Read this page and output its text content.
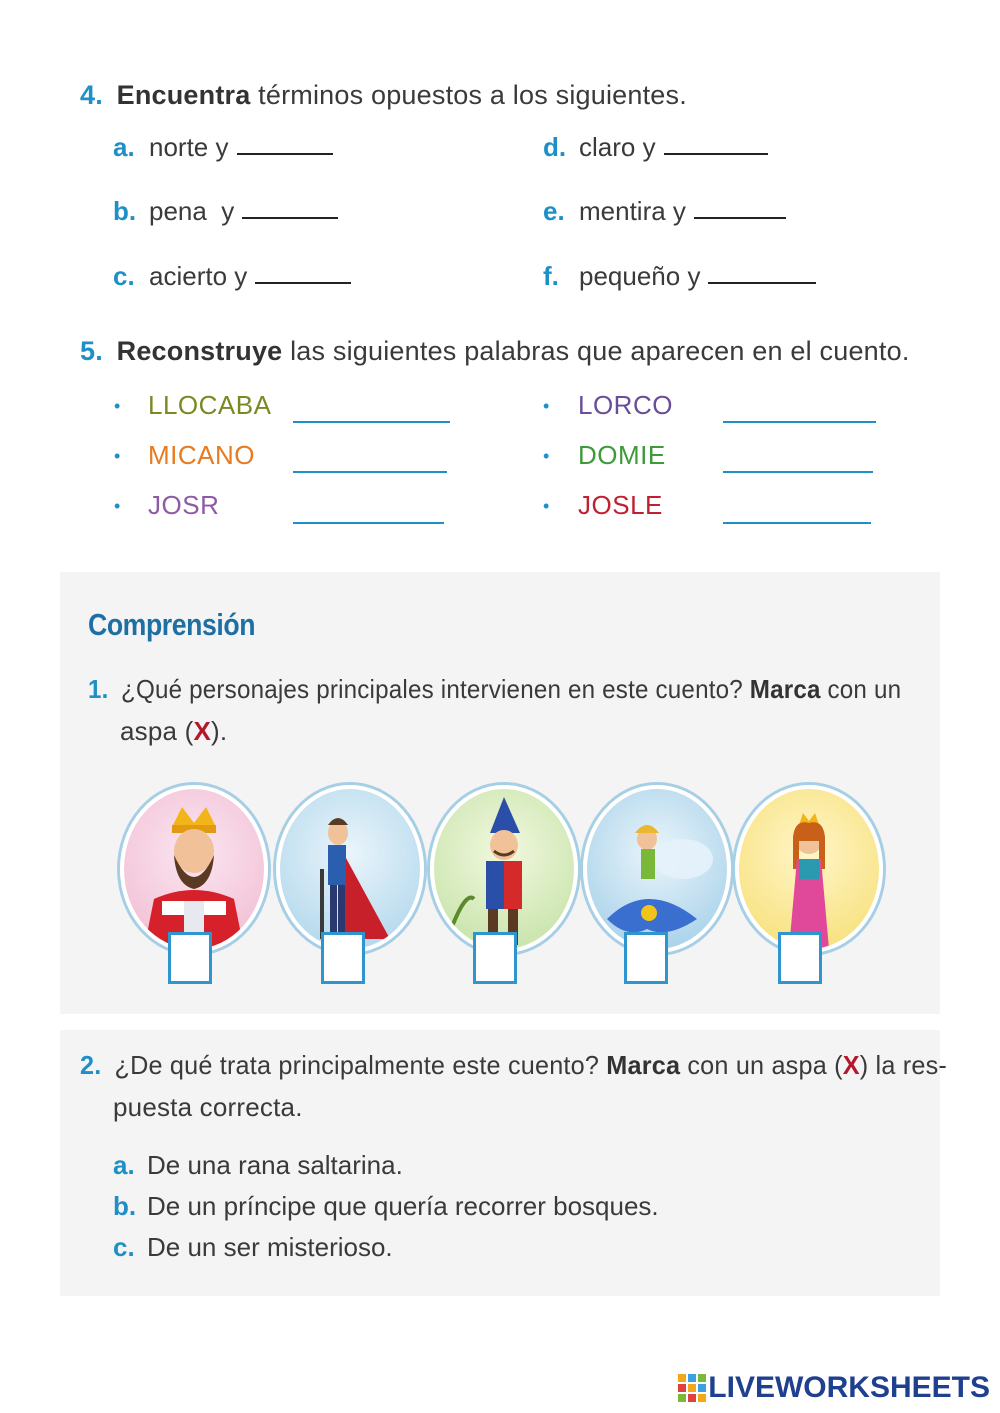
4. Encuentra términos opuestos a los siguientes.
a. norte y
b. pena  y
c. acierto y
d. claro y
e. mentira y
f. pequeño y
5. Reconstruye las siguientes palabras que aparecen en el cuento.
• LLOCABA
• MICANO
• JOSR
• LORCO
• DOMIE
• JOSLE
Comprensión
1. ¿Qué personajes principales intervienen en este cuento? Marca con un
aspa (X).
2. ¿De qué trata principalmente este cuento? Marca con un aspa (X) la res-
puesta correcta.
a. De una rana saltarina.
b. De un príncipe que quería recorrer bosques.
c. De un ser misterioso.
LIVEWORKSHEETS
